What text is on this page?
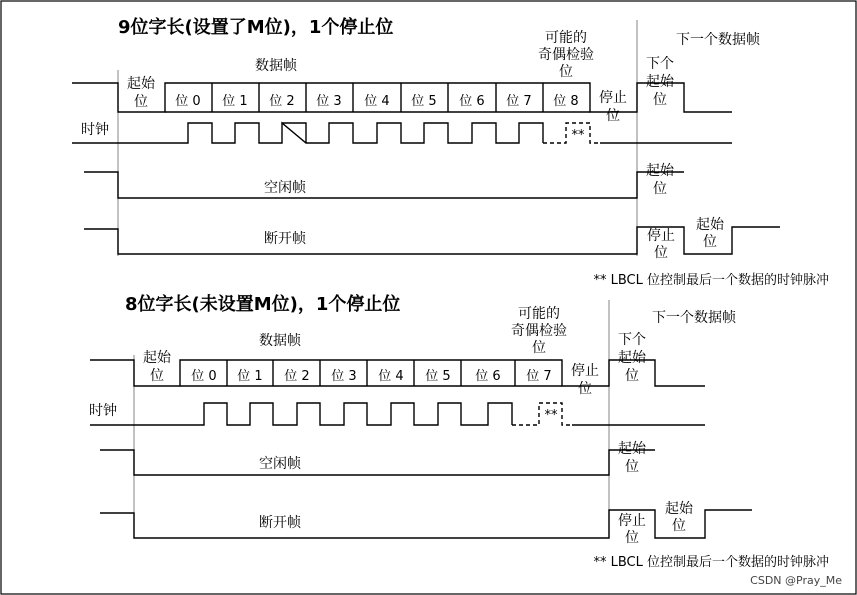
9位字长(设置了M位)，1个停止位
数据帧
可能的
奇偶检验
位
下一个数据帧
起始
位 位 0 位 1 位 2 位 3 位 4 位 5 位 6 位 7 位 8 停止
位
下个
起始
位
时钟	**
空闲帧
起始
位
断开帧	停止
位
起始
位
** LBCL 位控制最后一个数据的时钟脉冲
8位字长(未设置M位)，1个停止位
数据帧
可能的
奇偶检验
位
下一个数据帧
起始
位 位 0 位 1 位 2 位 3 位 4 位 5 位 6 位 7 停止
位
下个
起始
位
时钟	**
空闲帧
起始
位
断开帧	停止
位
起始
位
** LBCL 位控制最后一个数据的时钟脉冲
CSDN @Pray_Me
